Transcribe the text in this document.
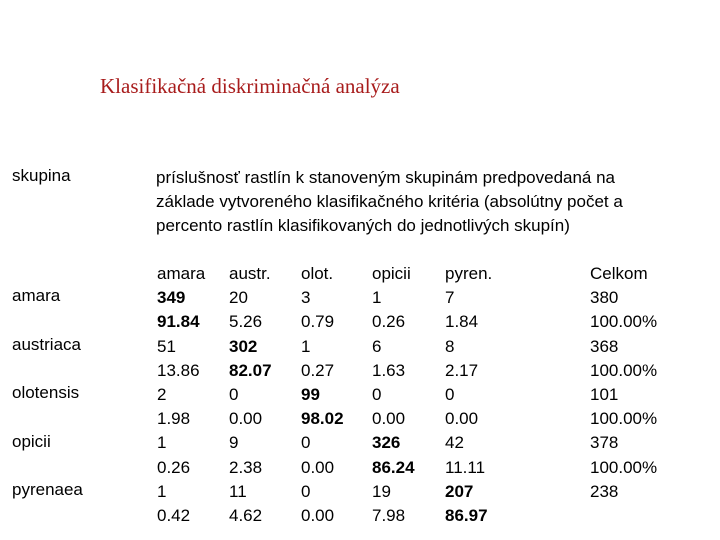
Klasifikačná diskriminačná analýza
skupina	príslušnosť rastlín k stanoveným skupinám predpovedaná na
základe vytvoreného klasifikačného kritéria (absolútny počet a
percento rastlín klasifikovaných do jednotlivých skupín)
amara
austriaca
olotensis
opicii
pyrenaea
amara
349
91.84
51
13.86
2
1.98
1
0.26
1
0.42
austr.
20
5.26
302
82.07
0
0.00
9
2.38
11
4.62
olot.
3
0.79
1
0.27
99
98.02
0
0.00
0
0.00
opicii
1
0.26
6
1.63
0
0.00
326
86.24
19
7.98
pyren.
7
1.84
8
2.17
0
0.00
42
11.11
207
86.97
Celkom
380
100.00%
368
100.00%
101
100.00%
378
100.00%
238
